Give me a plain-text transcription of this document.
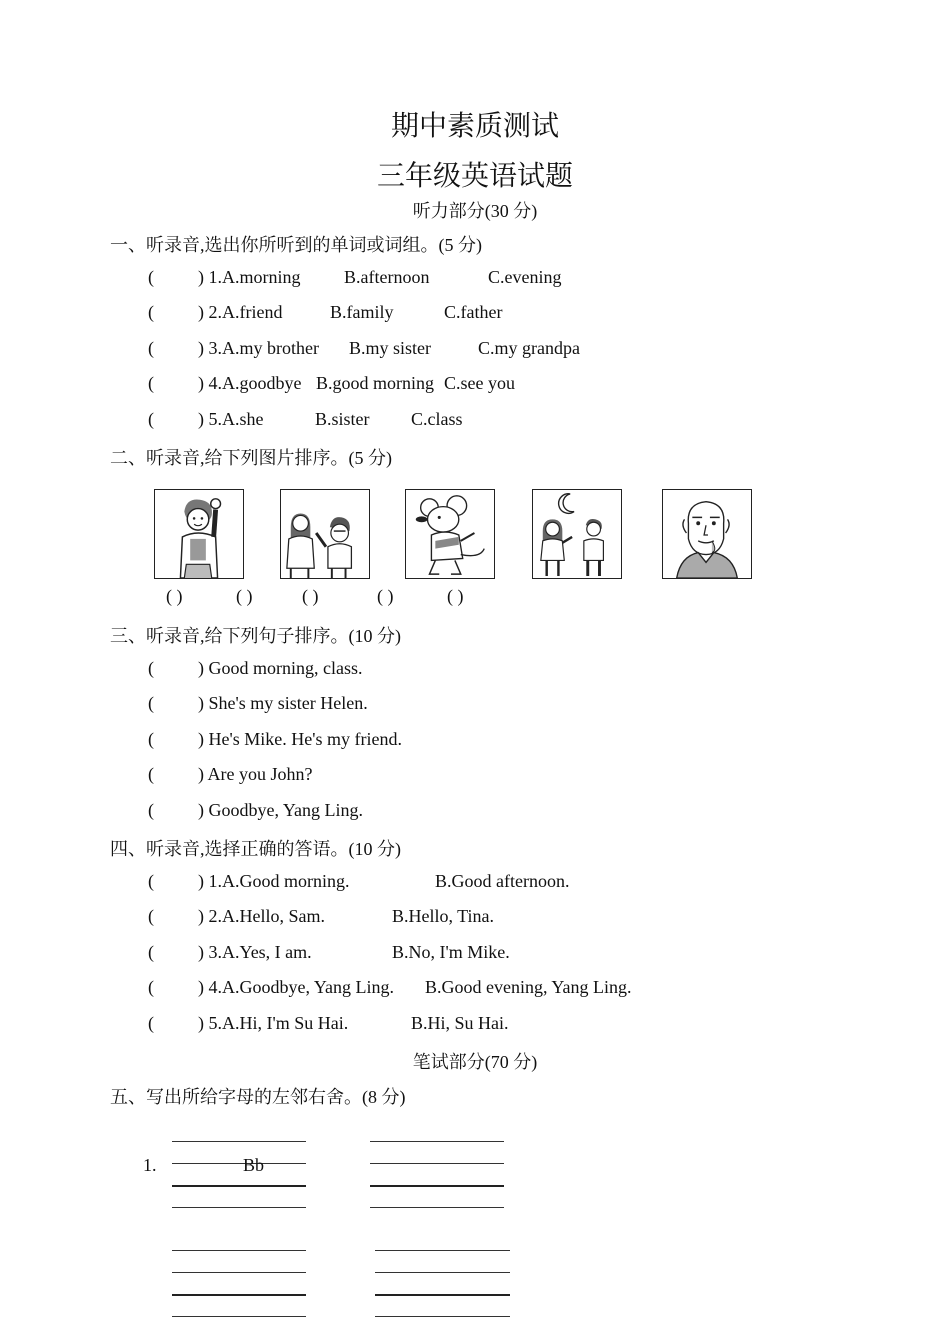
期中素质测试
三年级英语试题
听力部分(30 分)
一、听录音,选出你所听到的单词或词组。(5 分)
( ) 1.A.morning B.afternoon	C.evening
( ) 2.A.friend	B.family	C.father
( ) 3.A.my brother B.my sister	C.my grandpa
( ) 4.A.goodbye B.good morning C.see you
( ) 5.A.she	B.sister C.class
二、听录音,给下列图片排序。(5 分)
( )	( )	( )	( )	( )
三、听录音,给下列句子排序。(10 分)
( ) Good morning, class.
( ) She's my sister Helen.
( ) He's Mike. He's my friend.
( ) Are you John?
( ) Goodbye, Yang Ling.
四、听录音,选择正确的答语。(10 分)
( ) 1.A.Good morning.	B.Good afternoon.
( ) 2.A.Hello, Sam.	B.Hello, Tina.
( ) 3.A.Yes, I am.	B.No, I'm Mike.
( ) 4.A.Goodbye, Yang Ling. B.Good evening, Yang Ling.
( ) 5.A.Hi, I'm Su Hai.	B.Hi, Su Hai.
笔试部分(70 分)
五、写出所给字母的左邻右舍。(8 分)
1.	Bb
